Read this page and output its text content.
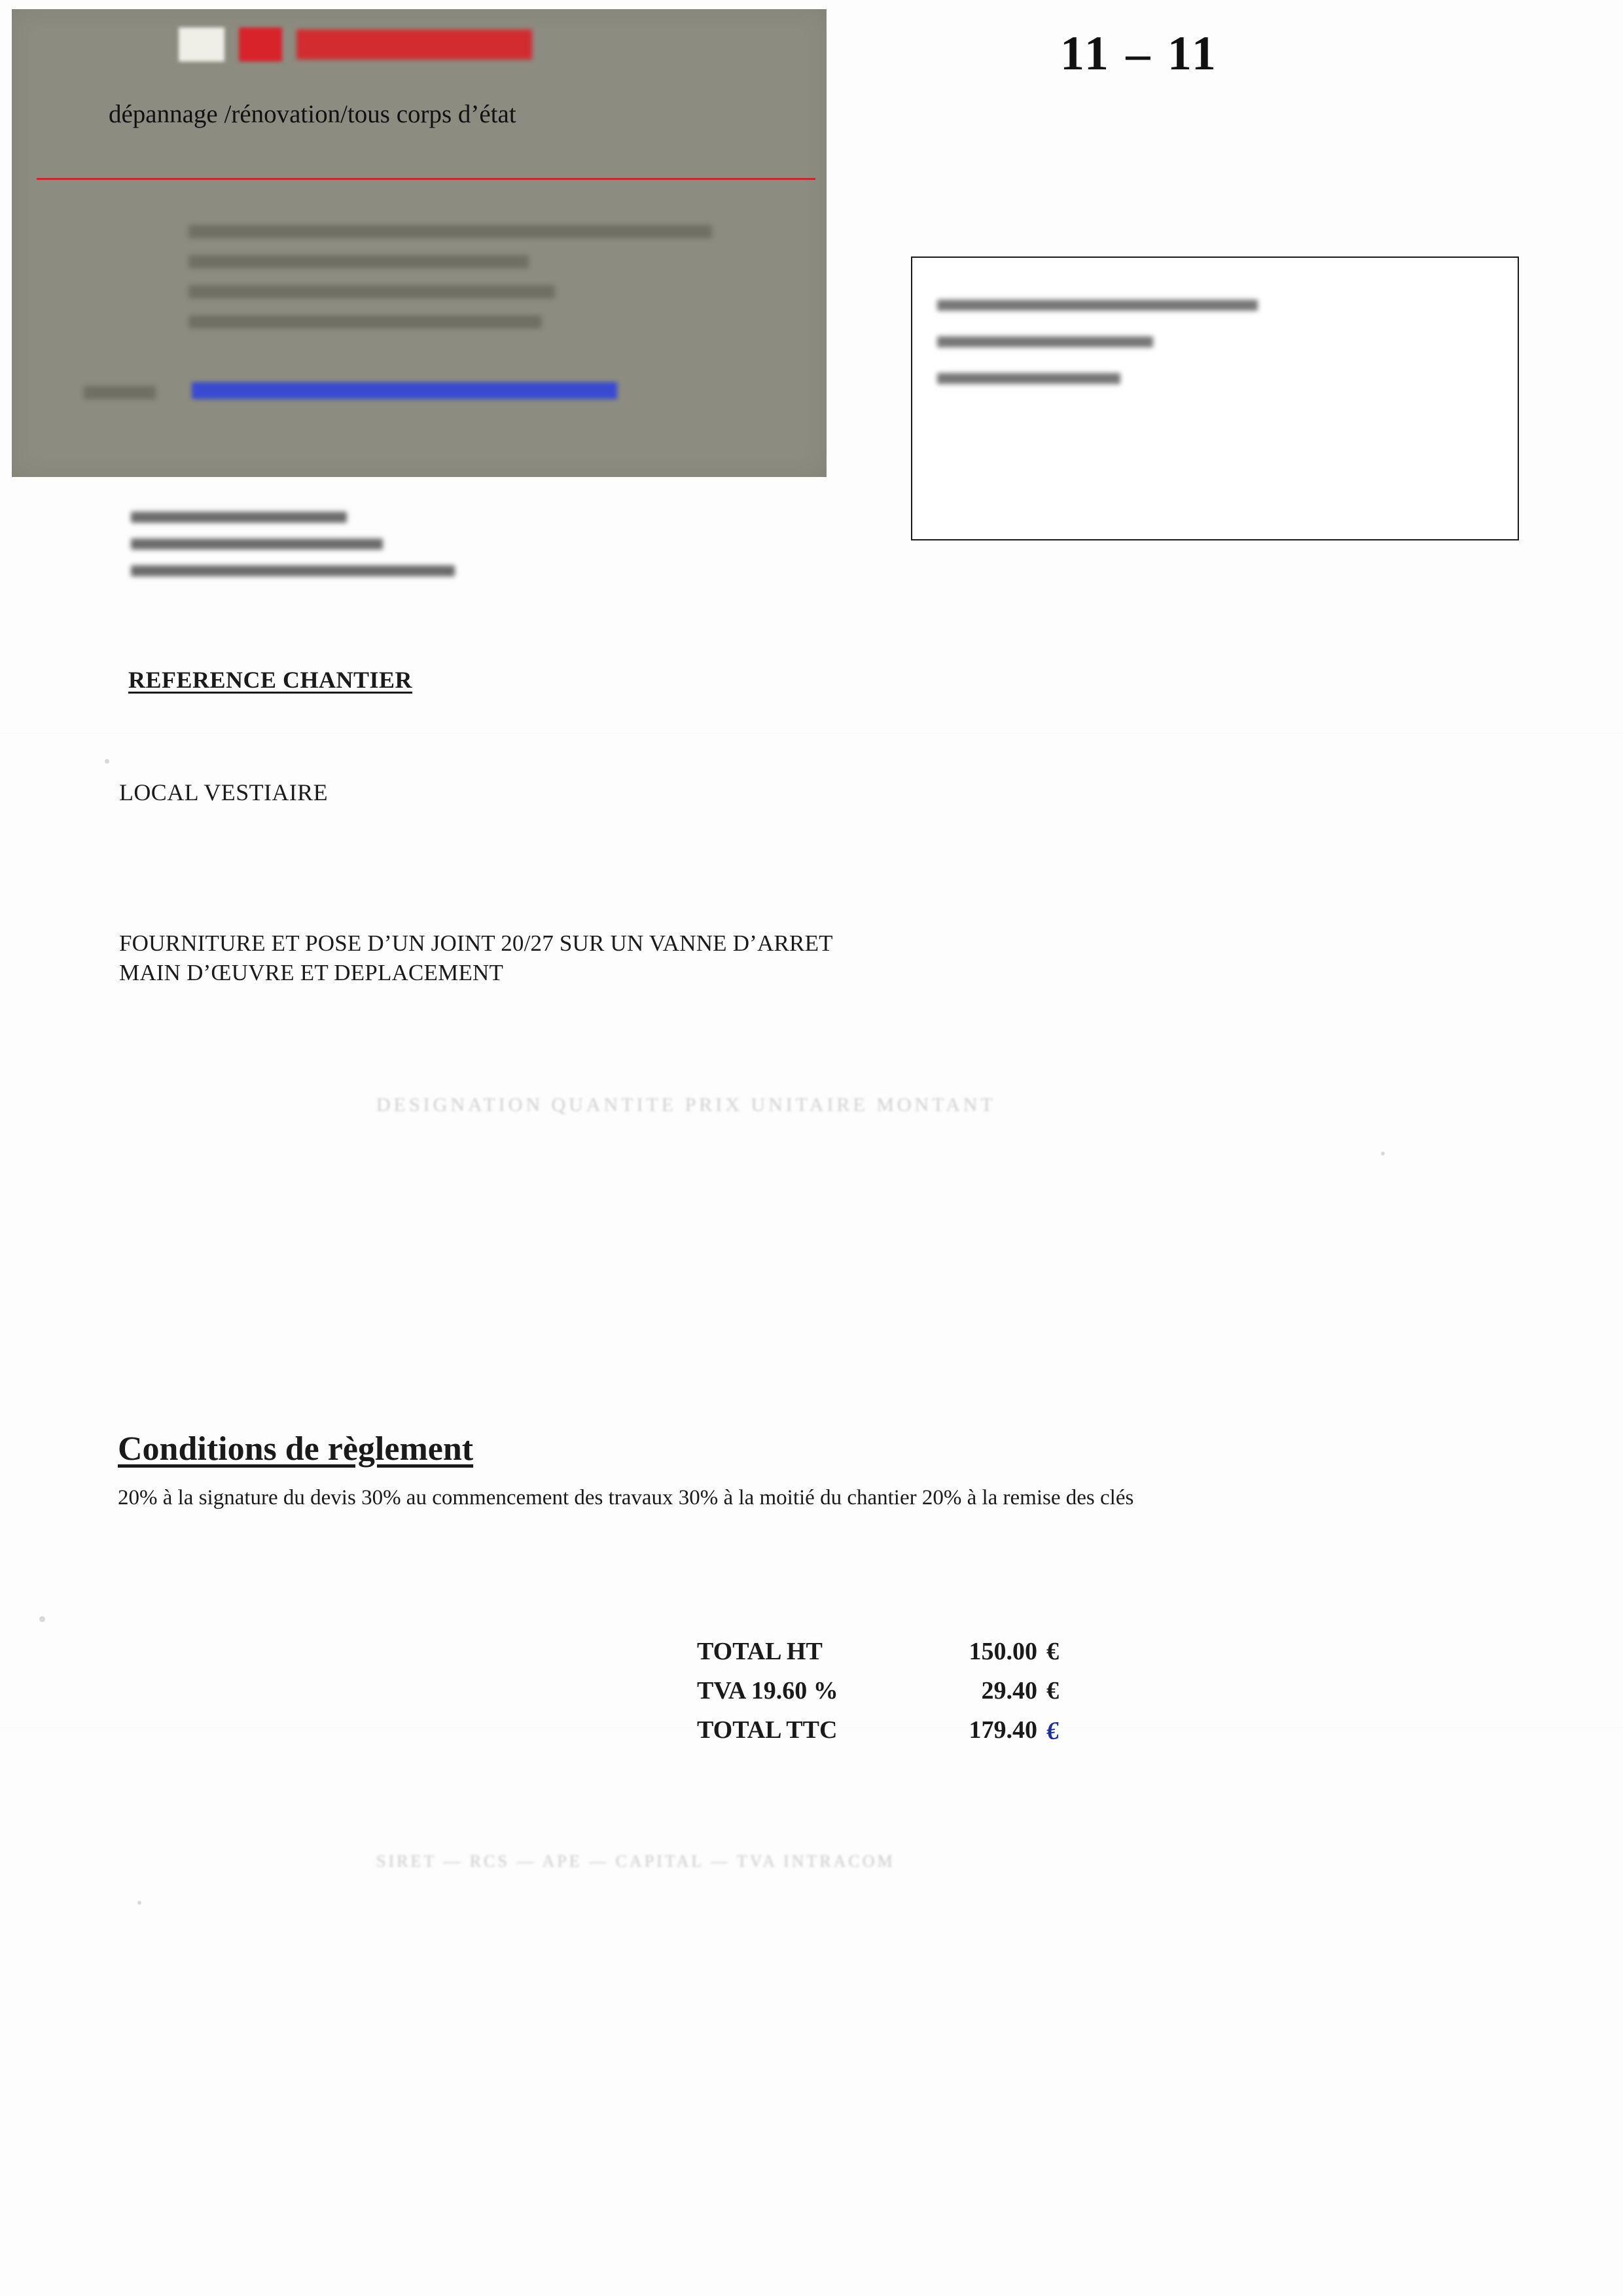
dépannage /rénovation/tous corps d’état
11 – 11
REFERENCE CHANTIER
LOCAL VESTIAIRE
FOURNITURE ET POSE D’UN JOINT 20/27 SUR UN VANNE D’ARRET
MAIN D’ŒUVRE ET DEPLACEMENT
DESIGNATION QUANTITE PRIX UNITAIRE MONTANT
Conditions de règlement
20% à la signature du devis 30% au commencement des travaux 30% à la moitié du chantier 20% à la remise des clés
TOTAL HT	150.00 €
TVA 19.60 %	29.40 €
TOTAL TTC	179.40 €
SIRET — RCS — APE — CAPITAL — TVA INTRACOM
